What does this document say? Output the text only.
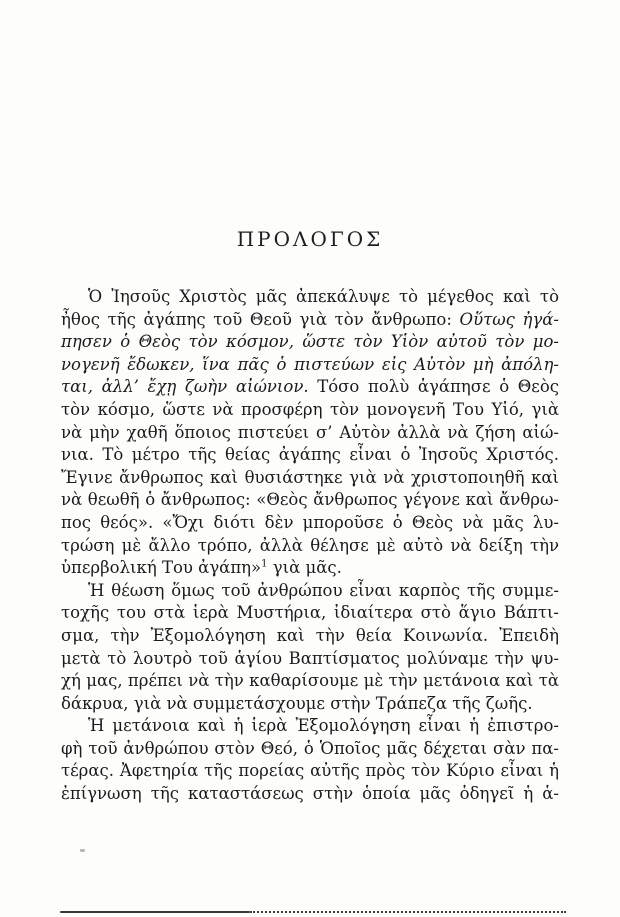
ΠΡΟΛΟΓΟΣ
Ὁ Ἰησοῦς Χριστὸς μᾶς ἀπεκάλυψε τὸ μέγεθος καὶ τὸ
ἦθος τῆς ἀγάπης τοῦ Θεοῦ γιὰ τὸν ἄνθρωπο: Οὕτως ἠγά-
πησεν ὁ Θεὸς τὸν κόσμον, ὥστε τὸν Υἱὸν αὐτοῦ τὸν μο-
νογενῆ ἔδωκεν, ἵνα πᾶς ὁ πιστεύων εἰς Αὐτὸν μὴ ἀπόλη-
ται, ἀλλ’ ἔχῃ ζωὴν αἰώνιον. Τόσο πολὺ ἀγάπησε ὁ Θεὸς
τὸν κόσμο, ὥστε νὰ προσφέρη τὸν μονογενῆ Του Υἱό, γιὰ
νὰ μὴν χαθῆ ὅποιος πιστεύει σ’ Αὐτὸν ἀλλὰ νὰ ζήση αἰώ-
νια. Τὸ μέτρο τῆς θείας ἀγάπης εἶναι ὁ Ἰησοῦς Χριστός.
Ἔγινε ἄνθρωπος καὶ θυσιάστηκε γιὰ νὰ χριστοποιηθῆ καὶ
νὰ θεωθῆ ὁ ἄνθρωπος: «Θεὸς ἄνθρωπος γέγονε καὶ ἄνθρω-
πος θεός». «Ὄχι διότι δὲν μποροῦσε ὁ Θεὸς νὰ μᾶς λυ-
τρώση μὲ ἄλλο τρόπο, ἀλλὰ θέλησε μὲ αὐτὸ νὰ δείξη τὴν
ὑπερβολική Του ἀγάπη»$^1$ γιὰ μᾶς.
Ἡ θέωση ὅμως τοῦ ἀνθρώπου εἶναι καρπὸς τῆς συμμε-
τοχῆς του στὰ ἱερὰ Μυστήρια, ἰδιαίτερα στὸ ἅγιο Βάπτι-
σμα, τὴν Ἐξομολόγηση καὶ τὴν θεία Κοινωνία. Ἐπειδὴ
μετὰ τὸ λουτρὸ τοῦ ἁγίου Βαπτίσματος μολύναμε τὴν ψυ-
χή μας, πρέπει νὰ τὴν καθαρίσουμε μὲ τὴν μετάνοια καὶ τὰ
δάκρυα, γιὰ νὰ συμμετάσχουμε στὴν Τράπεζα τῆς ζωῆς.
Ἡ μετάνοια καὶ ἡ ἱερὰ Ἐξομολόγηση εἶναι ἡ ἐπιστρο-
φὴ τοῦ ἀνθρώπου στὸν Θεό, ὁ Ὁποῖος μᾶς δέχεται σὰν πα-
τέρας. Ἀφετηρία τῆς πορείας αὐτῆς πρὸς τὸν Κύριο εἶναι ἡ
ἐπίγνωση τῆς καταστάσεως στὴν ὁποία μᾶς ὁδηγεῖ ἡ ἁ-
